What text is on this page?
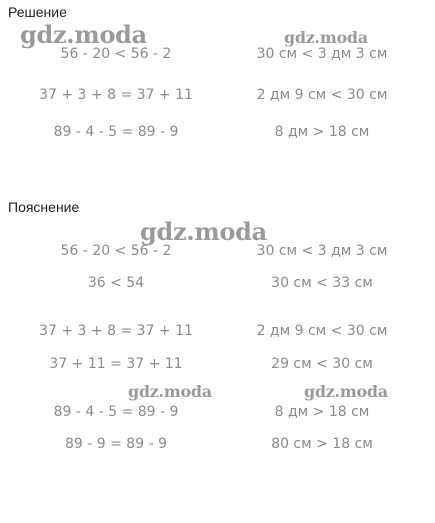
Решение
56 - 20 < 56 - 2	30 см < 3 дм 3 см
37 + 3 + 8 = 37 + 11	2 дм 9 см < 30 см
89 - 4 - 5 = 89 - 9	8 дм > 18 см
Пояснение
56 - 20 < 56 - 2	30 см < 3 дм 3 см
36 < 54	30 см < 33 см
37 + 3 + 8 = 37 + 11	2 дм 9 см < 30 см
37 + 11 = 37 + 11	29 см < 30 см
89 - 4 - 5 = 89 - 9	8 дм > 18 см
89 - 9 = 89 - 9	80 см > 18 см
gdz.moda	gdz.moda
gdz.moda
gdz.moda	gdz.moda
